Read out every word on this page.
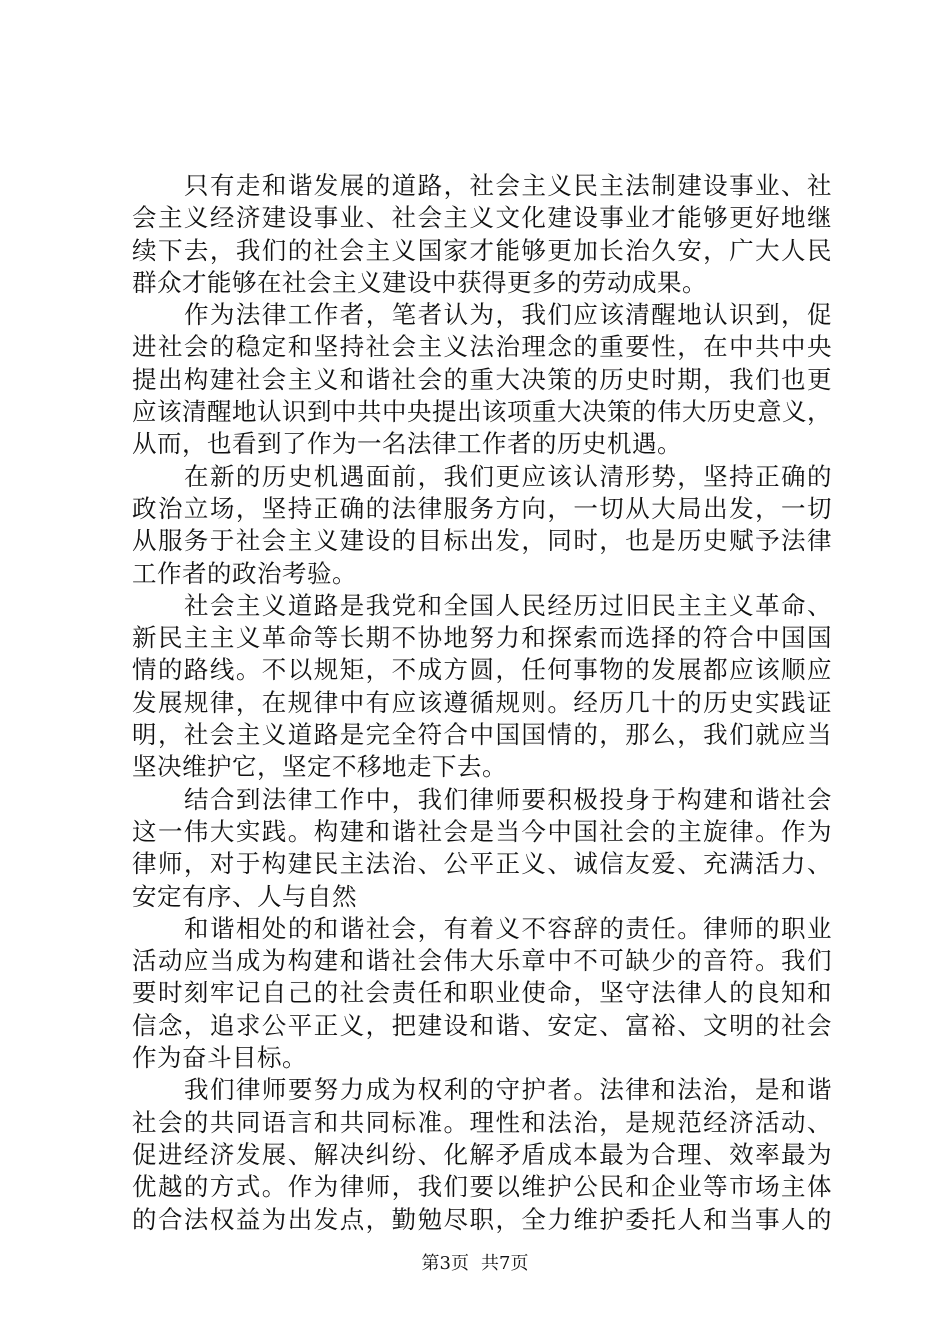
只有走和谐发展的道路，社会主义民主法制建设事业、社
会主义经济建设事业、社会主义文化建设事业才能够更好地继
续下去，我们的社会主义国家才能够更加长治久安，广大人民
群众才能够在社会主义建设中获得更多的劳动成果。
作为法律工作者，笔者认为，我们应该清醒地认识到，促
进社会的稳定和坚持社会主义法治理念的重要性，在中共中央
提出构建社会主义和谐社会的重大决策的历史时期，我们也更
应该清醒地认识到中共中央提出该项重大决策的伟大历史意义，
从而，也看到了作为一名法律工作者的历史机遇。
在新的历史机遇面前，我们更应该认清形势，坚持正确的
政治立场，坚持正确的法律服务方向，一切从大局出发，一切
从服务于社会主义建设的目标出发，同时，也是历史赋予法律
工作者的政治考验。
社会主义道路是我党和全国人民经历过旧民主主义革命、
新民主主义革命等长期不协地努力和探索而选择的符合中国国
情的路线。不以规矩，不成方圆，任何事物的发展都应该顺应
发展规律，在规律中有应该遵循规则。经历几十的历史实践证
明，社会主义道路是完全符合中国国情的，那么，我们就应当
坚决维护它，坚定不移地走下去。
结合到法律工作中，我们律师要积极投身于构建和谐社会
这一伟大实践。构建和谐社会是当今中国社会的主旋律。作为
律师，对于构建民主法治、公平正义、诚信友爱、充满活力、
安定有序、人与自然
和谐相处的和谐社会，有着义不容辞的责任。律师的职业
活动应当成为构建和谐社会伟大乐章中不可缺少的音符。我们
要时刻牢记自己的社会责任和职业使命，坚守法律人的良知和
信念，追求公平正义，把建设和谐、安定、富裕、文明的社会
作为奋斗目标。
我们律师要努力成为权利的守护者。法律和法治，是和谐
社会的共同语言和共同标准。理性和法治，是规范经济活动、
促进经济发展、解决纠纷、化解矛盾成本最为合理、效率最为
优越的方式。作为律师，我们要以维护公民和企业等市场主体
的合法权益为出发点，勤勉尽职，全力维护委托人和当事人的
第3页 共7页
